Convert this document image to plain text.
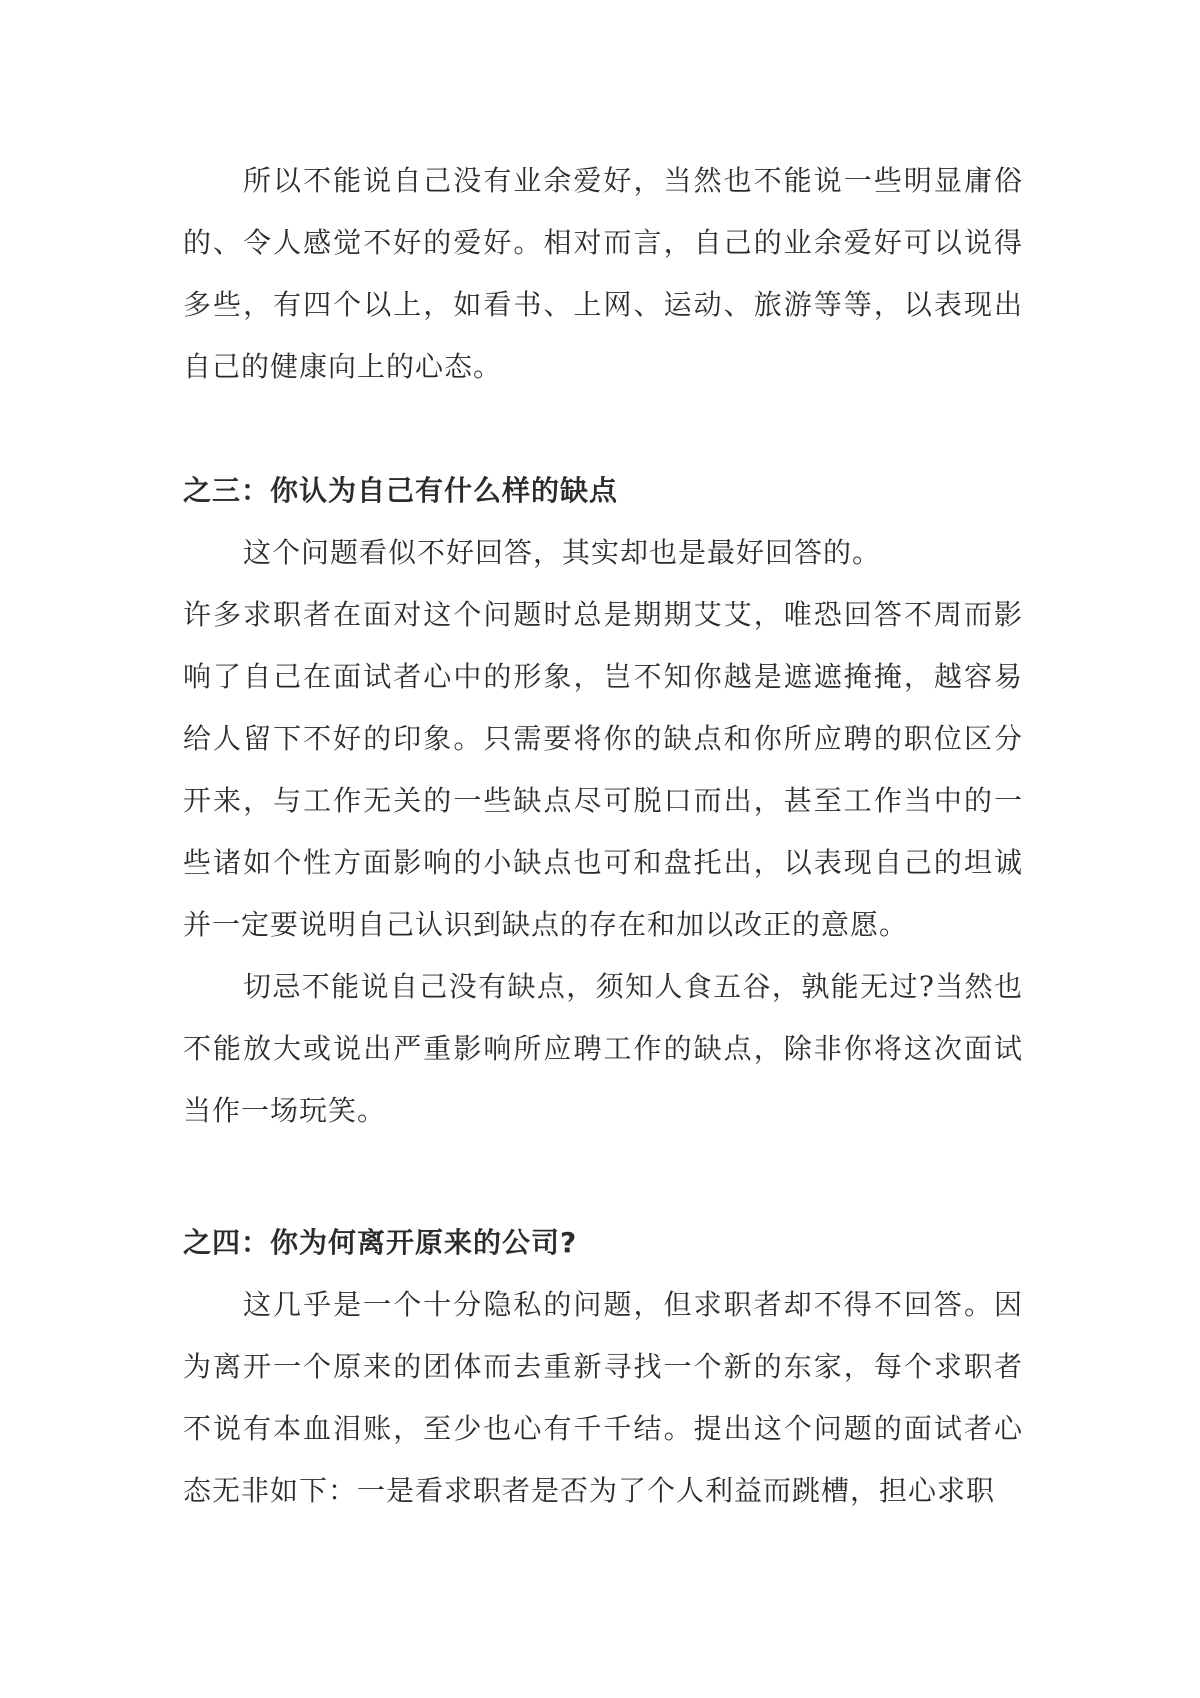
所以不能说自己没有业余爱好，当然也不能说一些明显庸俗的、令人感觉不好的爱好。相对而言，自己的业余爱好可以说得多些，有四个以上，如看书、上网、运动、旅游等等，以表现出自己的健康向上的心态。

之三：你认为自己有什么样的缺点

这个问题看似不好回答，其实却也是最好回答的。

许多求职者在面对这个问题时总是期期艾艾，唯恐回答不周而影响了自己在面试者心中的形象，岂不知你越是遮遮掩掩，越容易给人留下不好的印象。只需要将你的缺点和你所应聘的职位区分开来，与工作无关的一些缺点尽可脱口而出，甚至工作当中的一些诸如个性方面影响的小缺点也可和盘托出，以表现自己的坦诚并一定要说明自己认识到缺点的存在和加以改正的意愿。

切忌不能说自己没有缺点，须知人食五谷，孰能无过?当然也不能放大或说出严重影响所应聘工作的缺点，除非你将这次面试当作一场玩笑。

之四：你为何离开原来的公司?

这几乎是一个十分隐私的问题，但求职者却不得不回答。因为离开一个原来的团体而去重新寻找一个新的东家，每个求职者不说有本血泪账，至少也心有千千结。提出这个问题的面试者心态无非如下：一是看求职者是否为了个人利益而跳槽，担心求职
